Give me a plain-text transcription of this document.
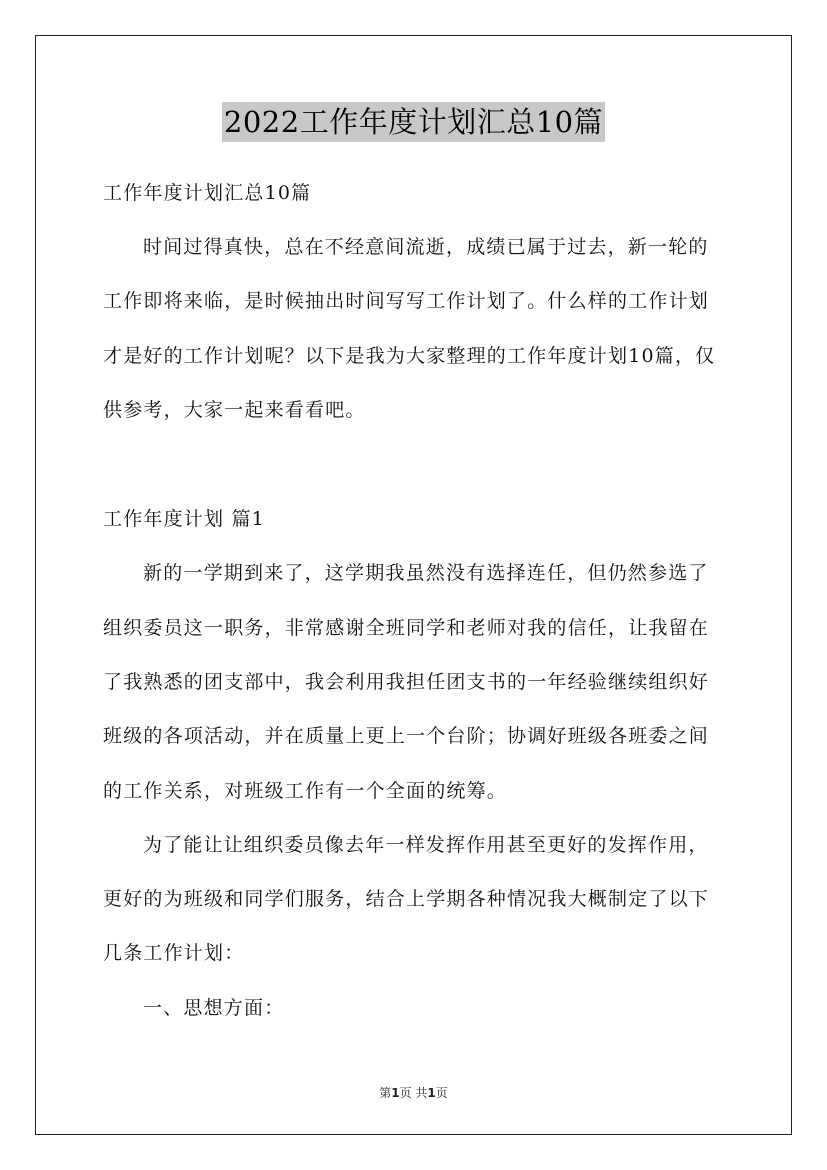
2022工作年度计划汇总10篇
工作年度计划汇总10篇
时间过得真快，总在不经意间流逝，成绩已属于过去，新一轮的
工作即将来临，是时候抽出时间写写工作计划了。什么样的工作计划
才是好的工作计划呢？以下是我为大家整理的工作年度计划10篇，仅
供参考，大家一起来看看吧。
工作年度计划 篇1
新的一学期到来了，这学期我虽然没有选择连任，但仍然参选了
组织委员这一职务，非常感谢全班同学和老师对我的信任，让我留在
了我熟悉的团支部中，我会利用我担任团支书的一年经验继续组织好
班级的各项活动，并在质量上更上一个台阶；协调好班级各班委之间
的工作关系，对班级工作有一个全面的统筹。
为了能让让组织委员像去年一样发挥作用甚至更好的发挥作用，
更好的为班级和同学们服务，结合上学期各种情况我大概制定了以下
几条工作计划：
一、思想方面：
第1页 共1页
